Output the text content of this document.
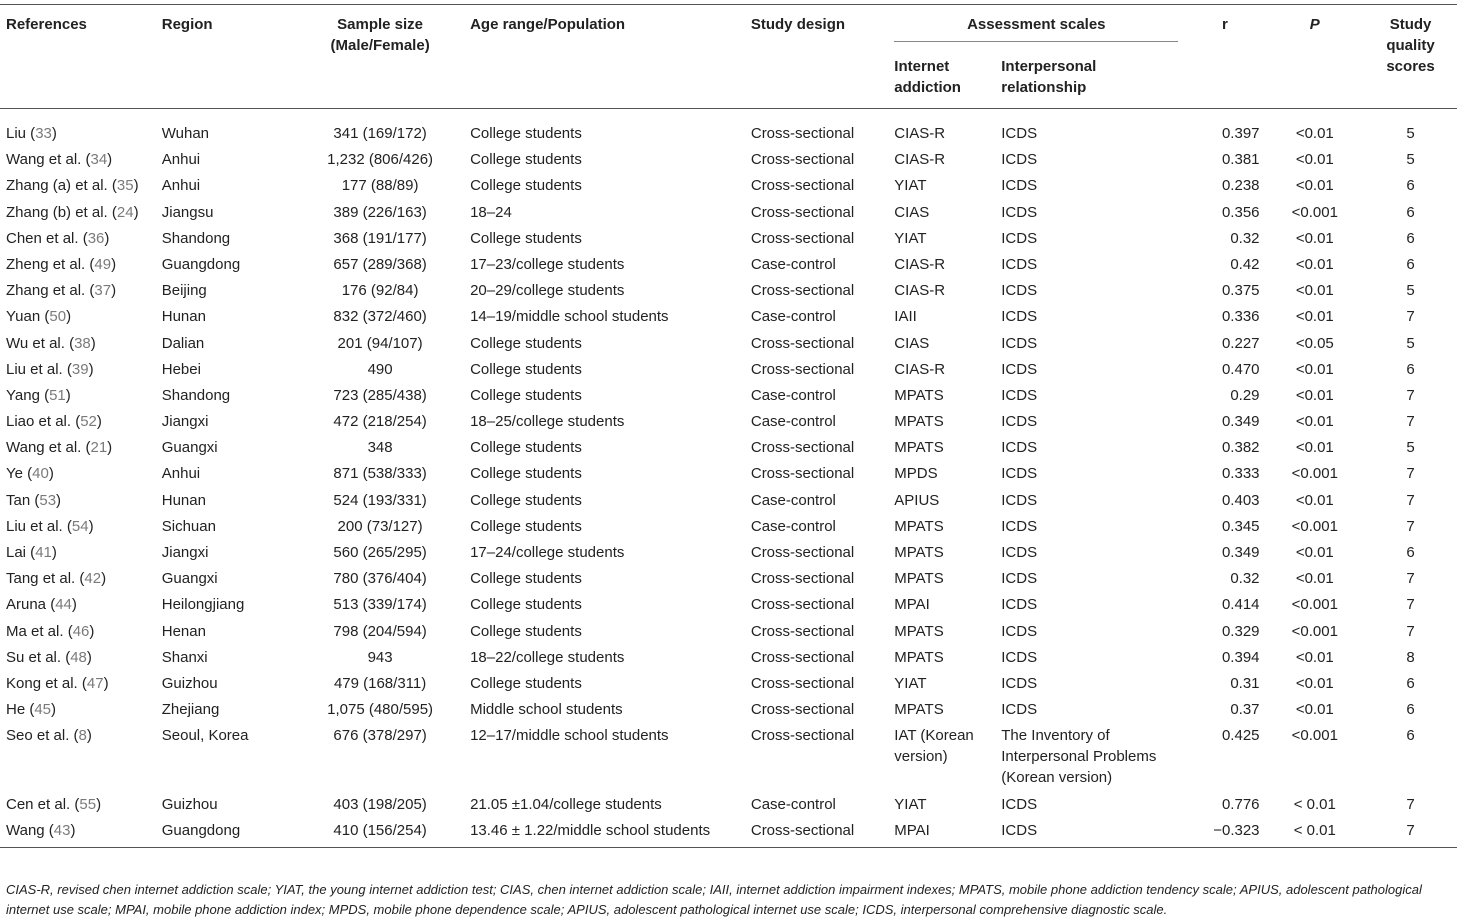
References	Region	Sample size (Male/Female)	Age range/Population	Study design	Assessment scales		r	P	Study quality scores
					Internet addiction	Interpersonal relationship			
Liu (33)	Wuhan	341 (169/172)	College students	Cross-sectional	CIAS-R	ICDS	0.397	<0.01	5
Wang et al. (34)	Anhui	1,232 (806/426)	College students	Cross-sectional	CIAS-R	ICDS	0.381	<0.01	5
Zhang (a) et al. (35)	Anhui	177 (88/89)	College students	Cross-sectional	YIAT	ICDS	0.238	<0.01	6
Zhang (b) et al. (24)	Jiangsu	389 (226/163)	18–24	Cross-sectional	CIAS	ICDS	0.356	<0.001	6
Chen et al. (36)	Shandong	368 (191/177)	College students	Cross-sectional	YIAT	ICDS	0.32	<0.01	6
Zheng et al. (49)	Guangdong	657 (289/368)	17–23/college students	Case-control	CIAS-R	ICDS	0.42	<0.01	6
Zhang et al. (37)	Beijing	176 (92/84)	20–29/college students	Cross-sectional	CIAS-R	ICDS	0.375	<0.01	5
Yuan (50)	Hunan	832 (372/460)	14–19/middle school students	Case-control	IAII	ICDS	0.336	<0.01	7
Wu et al. (38)	Dalian	201 (94/107)	College students	Cross-sectional	CIAS	ICDS	0.227	<0.05	5
Liu et al. (39)	Hebei	490	College students	Cross-sectional	CIAS-R	ICDS	0.470	<0.01	6
Yang (51)	Shandong	723 (285/438)	College students	Case-control	MPATS	ICDS	0.29	<0.01	7
Liao et al. (52)	Jiangxi	472 (218/254)	18–25/college students	Case-control	MPATS	ICDS	0.349	<0.01	7
Wang et al. (21)	Guangxi	348	College students	Cross-sectional	MPATS	ICDS	0.382	<0.01	5
Ye (40)	Anhui	871 (538/333)	College students	Cross-sectional	MPDS	ICDS	0.333	<0.001	7
Tan (53)	Hunan	524 (193/331)	College students	Case-control	APIUS	ICDS	0.403	<0.01	7
Liu et al. (54)	Sichuan	200 (73/127)	College students	Case-control	MPATS	ICDS	0.345	<0.001	7
Lai (41)	Jiangxi	560 (265/295)	17–24/college students	Cross-sectional	MPATS	ICDS	0.349	<0.01	6
Tang et al. (42)	Guangxi	780 (376/404)	College students	Cross-sectional	MPATS	ICDS	0.32	<0.01	7
Aruna (44)	Heilongjiang	513 (339/174)	College students	Cross-sectional	MPAI	ICDS	0.414	<0.001	7
Ma et al. (46)	Henan	798 (204/594)	College students	Cross-sectional	MPATS	ICDS	0.329	<0.001	7
Su et al. (48)	Shanxi	943	18–22/college students	Cross-sectional	MPATS	ICDS	0.394	<0.01	8
Kong et al. (47)	Guizhou	479 (168/311)	College students	Cross-sectional	YIAT	ICDS	0.31	<0.01	6
He (45)	Zhejiang	1,075 (480/595)	Middle school students	Cross-sectional	MPATS	ICDS	0.37	<0.01	6
Seo et al. (8)	Seoul, Korea	676 (378/297)	12–17/middle school students	Cross-sectional	IAT (Korean version)	The Inventory of Interpersonal Problems (Korean version)	0.425	<0.001	6
Cen et al. (55)	Guizhou	403 (198/205)	21.05 ±1.04/college students	Case-control	YIAT	ICDS	0.776	< 0.01	7
Wang (43)	Guangdong	410 (156/254)	13.46 ± 1.22/middle school students	Cross-sectional	MPAI	ICDS	−0.323	< 0.01	7
CIAS-R, revised chen internet addiction scale; YIAT, the young internet addiction test; CIAS, chen internet addiction scale; IAII, internet addiction impairment indexes; MPATS, mobile phone addiction tendency scale; APIUS, adolescent pathological internet use scale; MPAI, mobile phone addiction index; MPDS, mobile phone dependence scale; APIUS, adolescent pathological internet use scale; ICDS, interpersonal comprehensive diagnostic scale.
